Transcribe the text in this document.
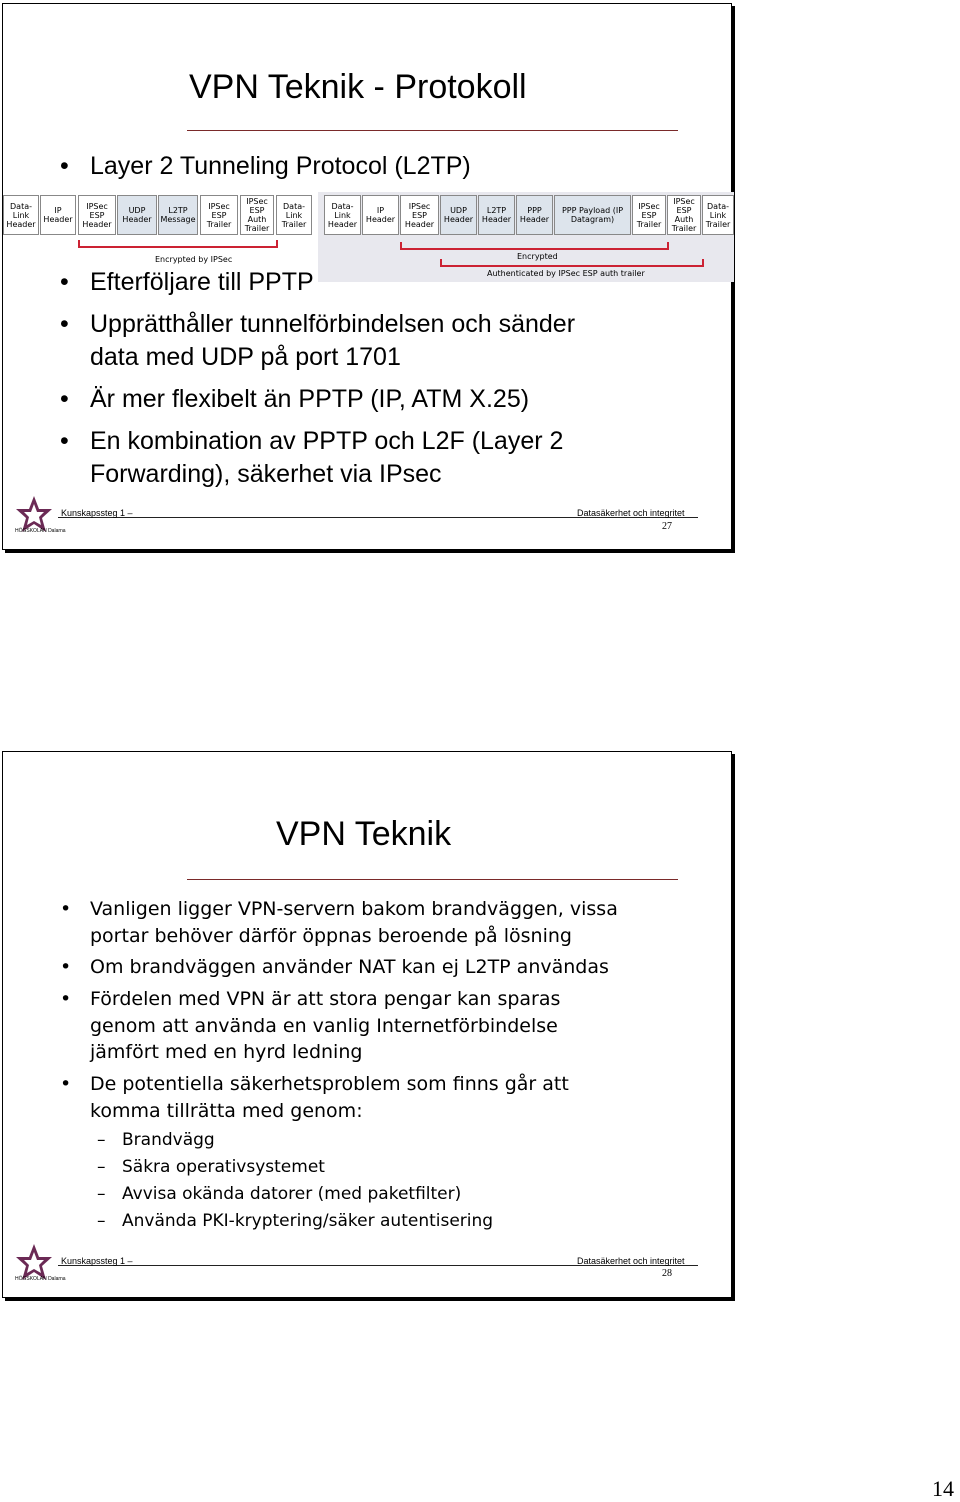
VPN Teknik - Protokoll
• Layer 2 Tunneling Protocol (L2TP)
Data-Link Header
IP Header
IPSec ESP Header
UDP Header
L2TP Message
IPSec ESP Trailer
IPSec ESP Auth Trailer
Data-Link Trailer
Data-Link Header
IP Header
IPSec ESP Header
UDP Header
L2TP Header
PPP Header
PPP Payload (IP Datagram)
IPSec ESP Trailer
IPSec ESP Auth Trailer
Data-Link Trailer
Encrypted by IPSec	Encrypted
Authenticated by IPSec ESP auth trailer
• Efterföljare till PPTP
• Upprätthåller tunnelförbindelsen och sänder
data med UDP på port 1701
• Är mer flexibelt än PPTP (IP, ATM X.25)
• En kombination av PPTP och L2F (Layer 2
Forwarding), säkerhet via IPsec
HÖGSKOLAN Dalarna
Kunskapssteg 1 –	Datasäkerhet och integritet
27
VPN Teknik
• Vanligen ligger VPN-servern bakom brandväggen, vissa
portar behöver därför öppnas beroende på lösning
• Om brandväggen använder NAT kan ej L2TP användas
• Fördelen med VPN är att stora pengar kan sparas
genom att använda en vanlig Internetförbindelse
jämfört med en hyrd ledning
• De potentiella säkerhetsproblem som finns går att
komma tillrätta med genom:
– Brandvägg
– Säkra operativsystemet
– Avvisa okända datorer (med paketfilter)
– Använda PKI-kryptering/säker autentisering
HÖGSKOLAN Dalarna
Kunskapssteg 1 –	Datasäkerhet och integritet
28
14
